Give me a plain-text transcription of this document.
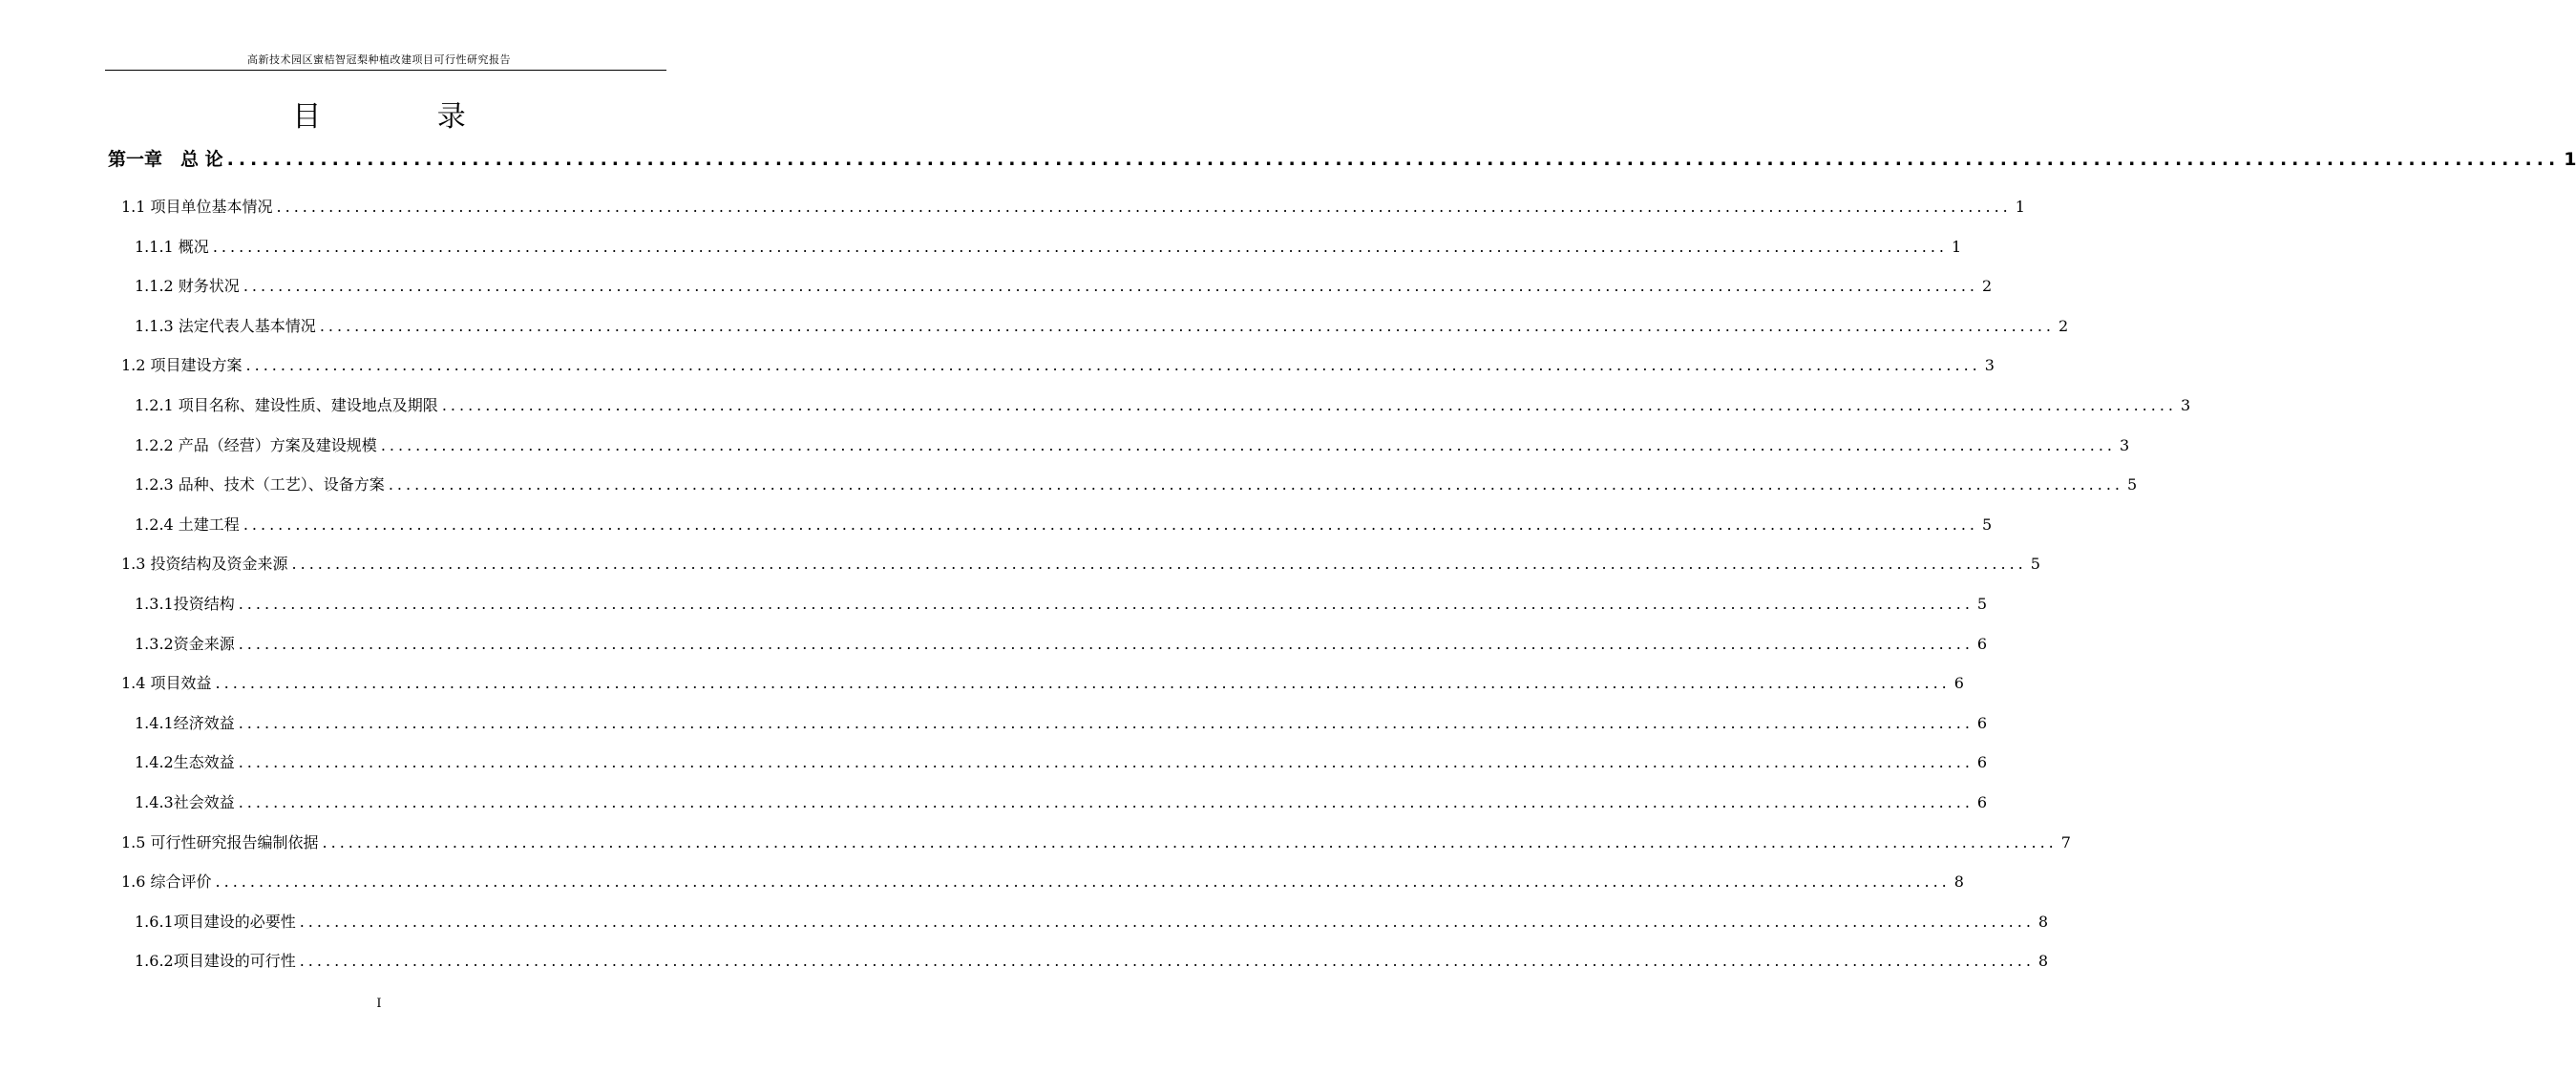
高新技术园区蜜桔智冠梨种植改建项目可行性研究报告
目 录
第一章　总 论 ........................................................................................................................................................................................................ 1
1.1 项目单位基本情况 ........................................................................................................................................................................................................ 1
1.1.1 概况 ........................................................................................................................................................................................................ 1
1.1.2 财务状况 ........................................................................................................................................................................................................ 2
1.1.3 法定代表人基本情况 ........................................................................................................................................................................................................ 2
1.2 项目建设方案 ........................................................................................................................................................................................................ 3
1.2.1 项目名称、建设性质、建设地点及期限 ........................................................................................................................................................................................................ 3
1.2.2 产品（经营）方案及建设规模 ........................................................................................................................................................................................................ 3
1.2.3 品种、技术（工艺）、设备方案 ........................................................................................................................................................................................................ 5
1.2.4 土建工程 ........................................................................................................................................................................................................ 5
1.3 投资结构及资金来源 ........................................................................................................................................................................................................ 5
1.3.1投资结构 ........................................................................................................................................................................................................ 5
1.3.2资金来源 ........................................................................................................................................................................................................ 6
1.4 项目效益 ........................................................................................................................................................................................................ 6
1.4.1经济效益 ........................................................................................................................................................................................................ 6
1.4.2生态效益 ........................................................................................................................................................................................................ 6
1.4.3社会效益 ........................................................................................................................................................................................................ 6
1.5 可行性研究报告编制依据 ........................................................................................................................................................................................................ 7
1.6 综合评价 ........................................................................................................................................................................................................ 8
1.6.1项目建设的必要性 ........................................................................................................................................................................................................ 8
1.6.2项目建设的可行性 ........................................................................................................................................................................................................ 8
I
